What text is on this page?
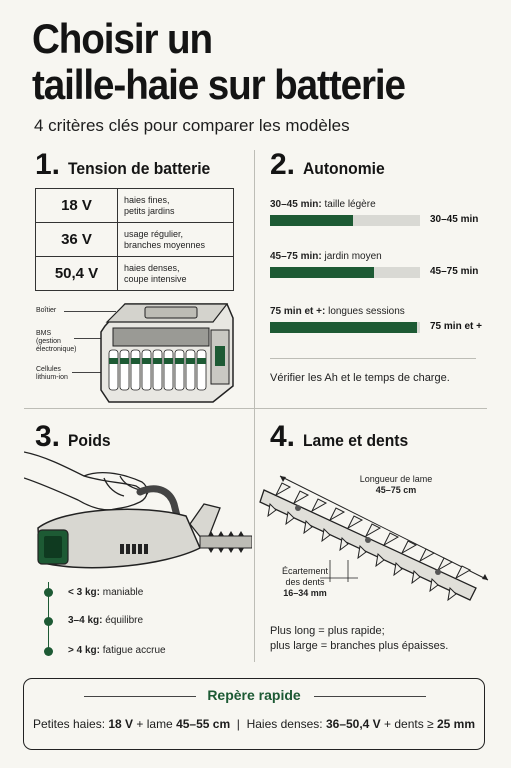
Choisir un
taille-haie sur batterie
4 critères clés pour comparer les modèles
1. Tension de batterie
18 V	haies fines,
petits jardins

36 V	usage régulier,
branches moyennes

50,4 V	haies denses,
coupe intensive
Boîtier
BMS
(gestion
électronique)
Cellules
lithium-ion
2. Autonomie
30–45 min: taille légère
30–45 min
45–75 min: jardin moyen
45–75 min
75 min et +: longues sessions
75 min et +
Vérifier les Ah et le temps de charge.
3. Poids
< 3 kg: maniable
3–4 kg: équilibre
> 4 kg: fatigue accrue
4. Lame et dents
Longueur de lame
45–75 cm
Écartement
des dents
16–34 mm
Plus long = plus rapide;
plus large = branches plus épaisses.
Repère rapide
Petites haies: 18 V + lame 45–55 cm  |  Haies denses: 36–50,4 V + dents ≥ 25 mm
